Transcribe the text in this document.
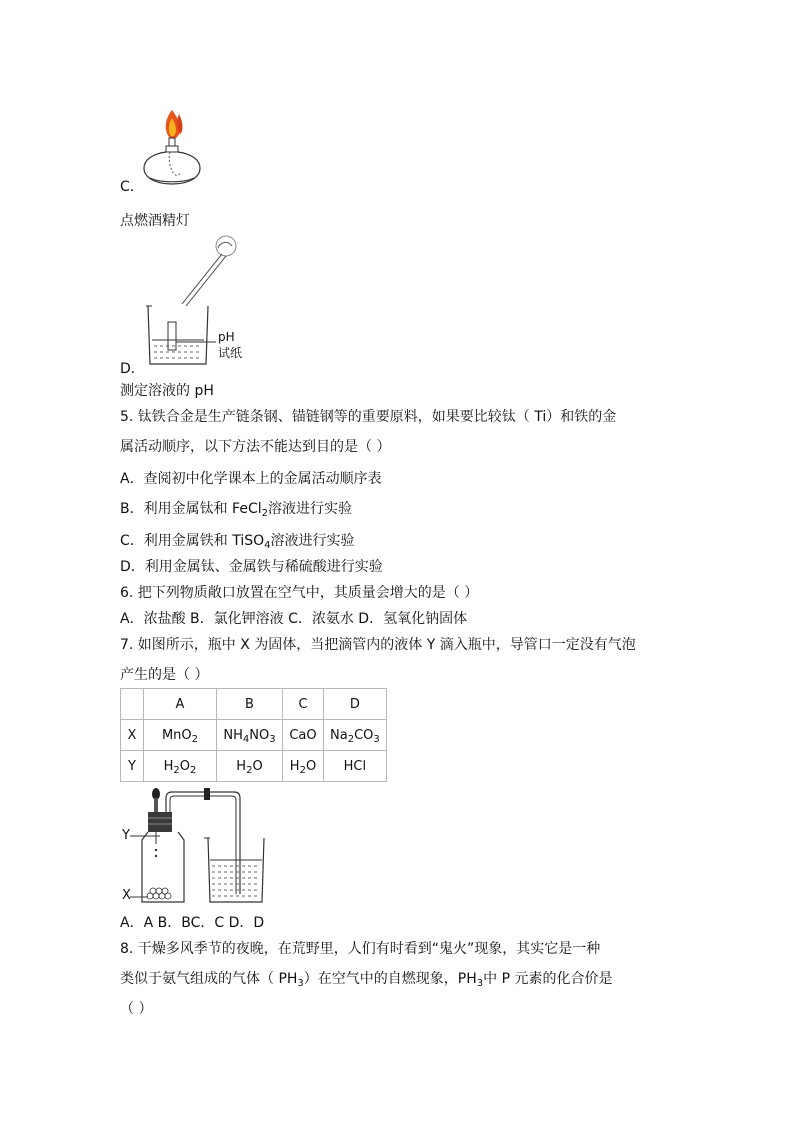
C．
点燃酒精灯
pH
试纸
D．
测定溶液的 pH
5. 钛铁合金是生产链条钢、锚链钢等的重要原料，如果要比较钛（ Ti）和铁的金
属活动顺序，以下方法不能达到目的是（ ）
A．查阅初中化学课本上的金属活动顺序表
B．利用金属钛和 FeCl$_2$溶液进行实验
C．利用金属铁和 TiSO$_4$溶液进行实验
D．利用金属钛、金属铁与稀硫酸进行实验
6. 把下列物质敞口放置在空气中，其质量会增大的是（ ）
A．浓盐酸 B．氯化钾溶液 C．浓氨水 D．氢氧化钠固体
7. 如图所示，瓶中 X 为固体，当把滴管内的液体 Y 滴入瓶中，导管口一定没有气泡
产生的是（ ）
	A	B	C	D
X	MnO$_2$	$NH_4NO_3$	CaO	$Na_2CO_3$
Y	$H_2O_2$	$H_2O$	$H_2O$	HCl
Y
X
A．A B．BC．C D．D
8. 干燥多风季节的夜晚，在荒野里，人们有时看到“鬼火”现象，其实它是一种
类似于氨气组成的气体（ $PH_3$）在空气中的自燃现象，$PH_3$中 P 元素的化合价是
（ ）
